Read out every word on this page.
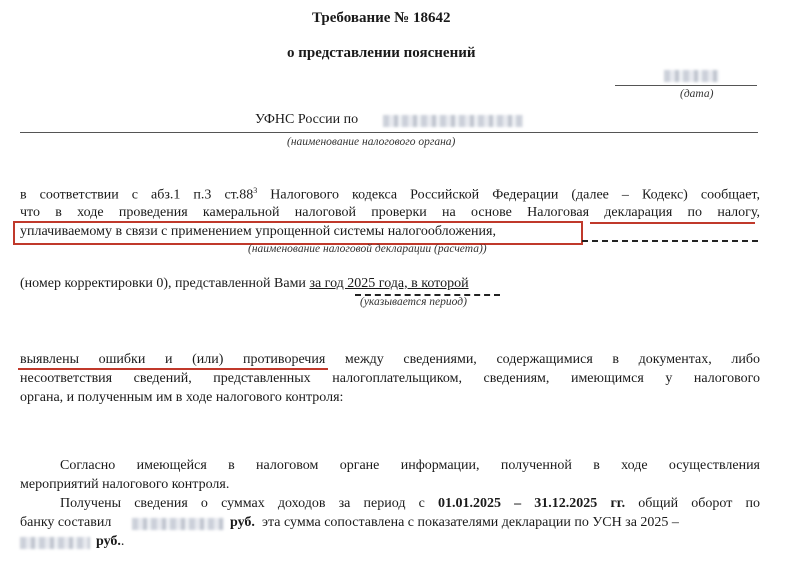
Требование № 18642
о представлении пояснений
(дата)
УФНС России по
(наименование налогового органа)
в соответствии с абз.1 п.3 $ст.88^3$ Налогового кодекса Российской Федерации (далее – Кодекс) сообщает,
что в ходе проведения камеральной налоговой проверки на основе Налоговая декларация по налогу,
уплачиваемому в связи с применением упрощенной системы налогообложения,
(наименование налоговой декларации (расчета))
(номер корректировки 0), представленной Вами за год 2025 года, в которой
(указывается период)
выявлены ошибки и (или) противоречия между сведениями, содержащимися в документах, либо
несоответствия сведений, представленных налогоплательщиком, сведениям, имеющимся у налогового
органа, и полученным им в ходе налогового контроля:
Согласно имеющейся в налоговом органе информации, полученной в ходе осуществления
мероприятий налогового контроля.
Получены сведения о суммах доходов за период с 01.01.2025 – 31.12.2025 гг. общий оборот по
банку составил	руб. эта сумма сопоставлена с показателями декларации по УСН за 2025 –
руб..
